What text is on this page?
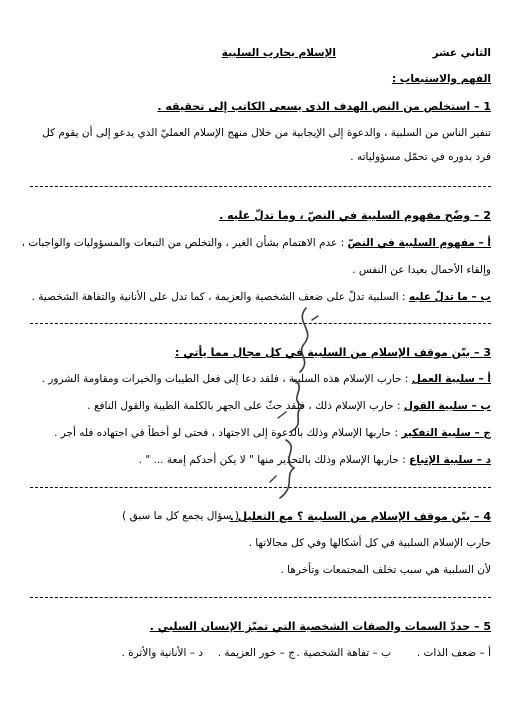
الثاني عشر
الإسلام يحارب السلبية
الفهم والاستيعاب :
1 – استخلص من النص الهدف الذى يسعى الكاتب إلى تحقيقه .
تنفير الناس من السلبية ، والدعوة إلى الإيجابية من خلال منهج الإسلام العمليّ الذي يدعو إلى أن يقوم كل
فرد بدوره في تحمّل مسؤولياته .
2 – وضّح مفهوم السلبية في النصّ ، وما تدلّ عليه .
أ – مفهوم السلبية في النصّ : عدم الاهتمام بشأن الغير ، والتخلص من التبعات والمسؤوليات والواجبات ،
وإلقاء الأحمال بعيدا عن النفس .
ب – ما تدلّ عليه : السلبية تدلّ على ضعف الشخصية والعزيمة ، كما تدل على الأنانية والتفاهة الشخصية .
3 – بيّن موقف الإسلام من السلبية في كل مجال مما يأتي :
أ – سلبية العمل : حارب الإسلام هذه السلبية ، فلقد دعا إلى فعل الطيبات والخيرات ومقاومة الشرور .
ب – سلبية القول : حارب الإسلام ذلك ، فلقد حثّ على الجهر بالكلمة الطيبة والقول النافع .
ج – سلبية التفكير : حاربها الإسلام وذلك بالدعوة إلى الاجتهاد ، فحتى لو أخطأ في اجتهاده فله أجر .
د – سلبية الإتباع : حاربها الإسلام وذلك بالتحذير منها " لا يكن أحدكم إمعة ... " .
4 – بيّن موقف الإسلام من السلبية ؟ مع التعليل .
( سؤال يجمع كل ما سبق )
حارب الإسلام السلبية في كل أشكالها وفي كل مجالاتها .
لأن السلبية هي سبب تخلف المجتمعات وتأخرها .
5 – حددّ السمات والصفات الشخصية التي تميّز الإنسان السلبي .
أ – ضعف الذات .
ب – تفاهة الشخصية .
ج – خور العزيمة .
د – الأنانية والأثرة .
